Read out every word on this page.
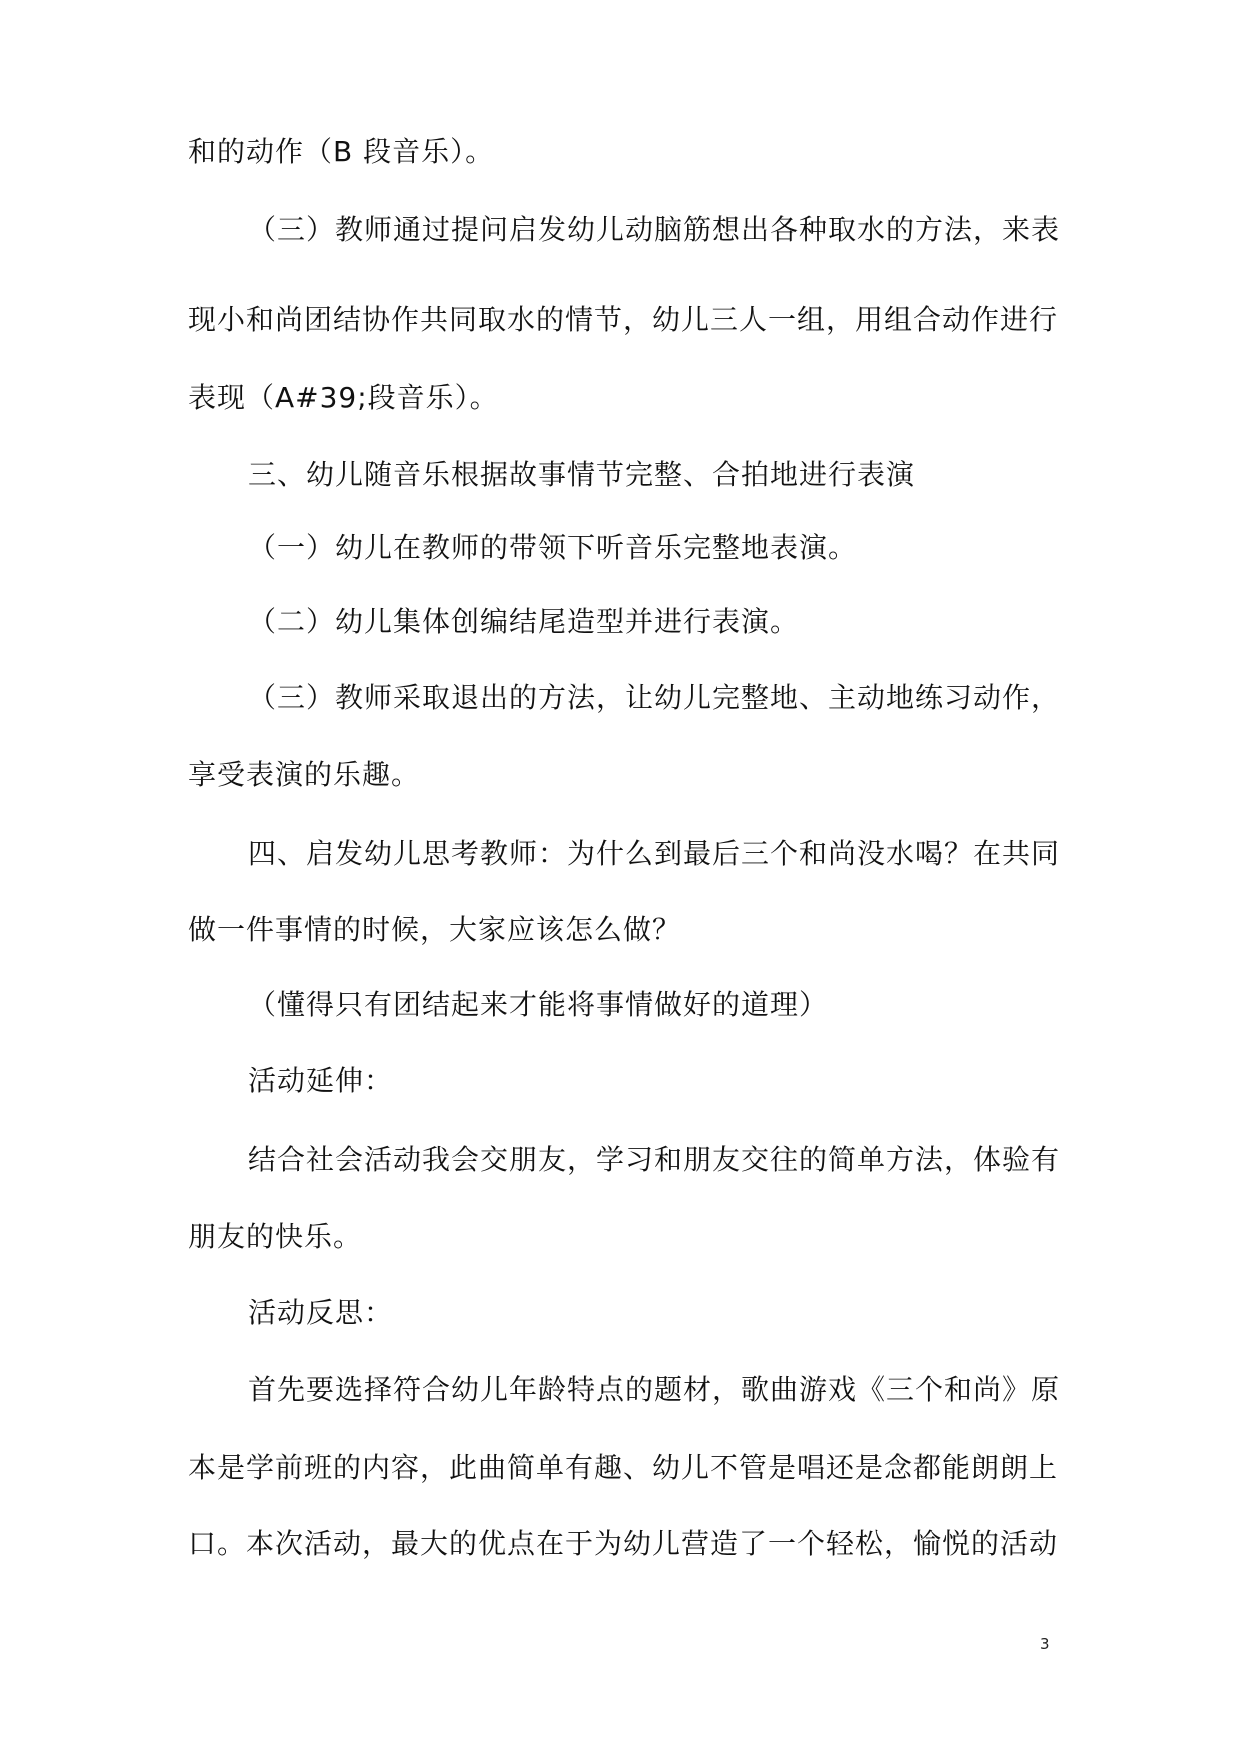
和的动作（B 段音乐）。
（三）教师通过提问启发幼儿动脑筋想出各种取水的方法，来表
现小和尚团结协作共同取水的情节，幼儿三人一组，用组合动作进行
表现（A#39;段音乐）。
三、幼儿随音乐根据故事情节完整、合拍地进行表演
（一）幼儿在教师的带领下听音乐完整地表演。
（二）幼儿集体创编结尾造型并进行表演。
（三）教师采取退出的方法，让幼儿完整地、主动地练习动作，
享受表演的乐趣。
四、启发幼儿思考教师：为什么到最后三个和尚没水喝？在共同
做一件事情的时候，大家应该怎么做？
（懂得只有团结起来才能将事情做好的道理）
活动延伸：
结合社会活动我会交朋友，学习和朋友交往的简单方法，体验有
朋友的快乐。
活动反思：
首先要选择符合幼儿年龄特点的题材，歌曲游戏《三个和尚》原
本是学前班的内容，此曲简单有趣、幼儿不管是唱还是念都能朗朗上
口。本次活动，最大的优点在于为幼儿营造了一个轻松，愉悦的活动
3
